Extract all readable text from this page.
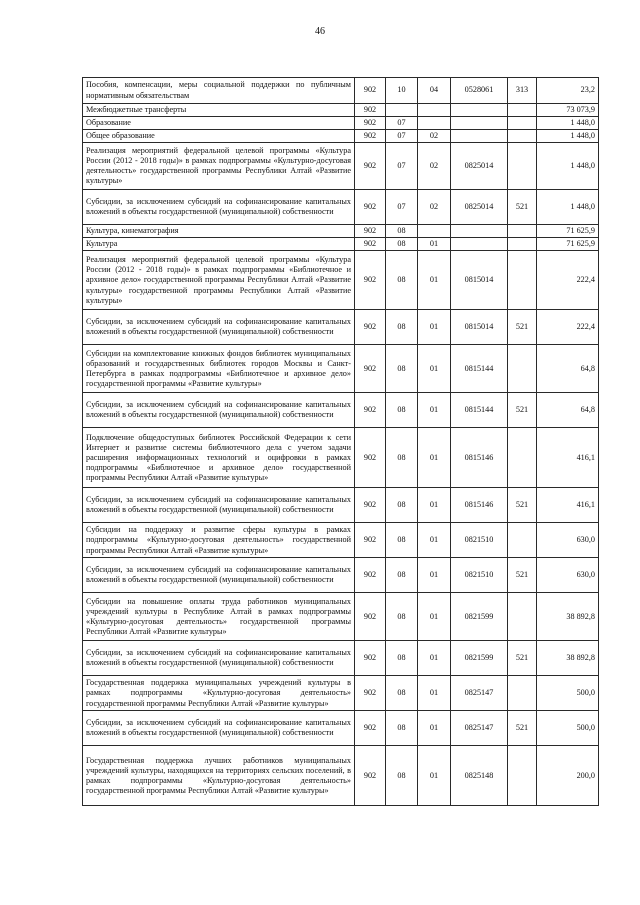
46
Пособия, компенсации, меры социальной поддержки по публичным нормативным обязательствам	902	10	04	0528061	313	23,2
Межбюджетные трансферты	902					73 073,9
Образование	902	07				1 448,0
Общее образование	902	07	02			1 448,0
Реализация мероприятий федеральной целевой программы «Культура России (2012 - 2018 годы)» в рамках подпрограммы «Культурно-досуговая деятельность» государственной программы Республики Алтай «Развитие культуры»	902	07	02	0825014		1 448,0
Субсидии, за исключением субсидий на софинансирование капитальных вложений в объекты государственной (муниципальной) собственности	902	07	02	0825014	521	1 448,0
Культура, кинематография	902	08				71 625,9
Культура	902	08	01			71 625,9
Реализация мероприятий федеральной целевой программы «Культура России (2012 - 2018 годы)» в рамках подпрограммы «Библиотечное и архивное дело» государственной программы Республики Алтай «Развитие культуры» государственной программы Республики Алтай «Развитие культуры»	902	08	01	0815014		222,4
Субсидии, за исключением субсидий на софинансирование капитальных вложений в объекты государственной (муниципальной) собственности	902	08	01	0815014	521	222,4
Субсидии на комплектование книжных фондов библиотек муниципальных образований и государственных библиотек городов Москвы и Санкт-Петербурга в рамках подпрограммы «Библиотечное и архивное дело» государственной программы «Развитие культуры»	902	08	01	0815144		64,8
Субсидии, за исключением субсидий на софинансирование капитальных вложений в объекты государственной (муниципальной) собственности	902	08	01	0815144	521	64,8
Подключение общедоступных библиотек Российской Федерации к сети Интернет и развитие системы библиотечного дела с учетом задачи расширения информационных технологий и оцифровки в рамках подпрограммы «Библиотечное и архивное дело» государственной программы Республики Алтай «Развитие культуры»	902	08	01	0815146		416,1
Субсидии, за исключением субсидий на софинансирование капитальных вложений в объекты государственной (муниципальной) собственности	902	08	01	0815146	521	416,1
Субсидии на поддержку и развитие сферы культуры в рамках подпрограммы «Культурно-досуговая деятельность» государственной программы Республики Алтай «Развитие культуры»	902	08	01	0821510		630,0
Субсидии, за исключением субсидий на софинансирование капитальных вложений в объекты государственной (муниципальной) собственности	902	08	01	0821510	521	630,0
Субсидии на повышение оплаты труда работников муниципальных учреждений культуры в Республике Алтай в рамках подпрограммы «Культурно-досуговая деятельность» государственной программы Республики Алтай «Развитие культуры»	902	08	01	0821599		38 892,8
Субсидии, за исключением субсидий на софинансирование капитальных вложений в объекты государственной (муниципальной) собственности	902	08	01	0821599	521	38 892,8
Государственная поддержка муниципальных учреждений культуры в рамках подпрограммы «Культурно-досуговая деятельность» государственной программы Республики Алтай «Развитие культуры»	902	08	01	0825147		500,0
Субсидии, за исключением субсидий на софинансирование капитальных вложений в объекты государственной (муниципальной) собственности	902	08	01	0825147	521	500,0
Государственная поддержка лучших работников муниципальных учреждений культуры, находящихся на территориях сельских поселений, в рамках подпрограммы «Культурно-досуговая деятельность» государственной программы Республики Алтай «Развитие культуры»	902	08	01	0825148		200,0
